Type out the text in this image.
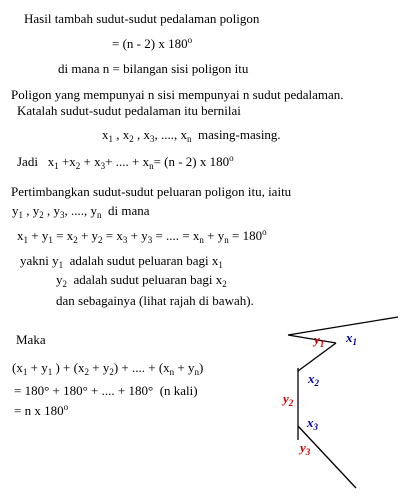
Hasil tambah sudut-sudut pedalaman poligon
= (n - 2) x 180$^o$
di mana n = bilangan sisi poligon itu
Poligon yang mempunyai n sisi mempunyai n sudut pedalaman.
Katalah sudut-sudut pedalaman itu bernilai
$x_1$ , $x_2$ , $x_3$, ...., $x_n$ masing-masing.
Jadi $x_1 +x_2 + x_3+$ .... + $x_n= (n - 2)$ x 180$^o$
Pertimbangkan sudut-sudut peluaran poligon itu, iaitu
$y_1$ , $y_2$ , $y_3$, ...., $y_n$ di mana
$x_1 + y_1 = x_2 + y_2 = x_3 + y_3$ = .... = $x_n + y_n = 180^o$
yakni $y_1$ adalah sudut peluaran bagi $x_1$
$y_2$ adalah sudut peluaran bagi $x_2$
dan sebagainya (lihat rajah di bawah).
Maka
($x_1 + y_1$ ) + $(x_2 + y_2)$ + .... + $(x_n + y_n)$
= 180° + 180° + .... + 180° (n kali)
= n x 180$^o$
$y_1$ $x_1$
$x_2$
$y_2$
$x_3$
$y_3$
